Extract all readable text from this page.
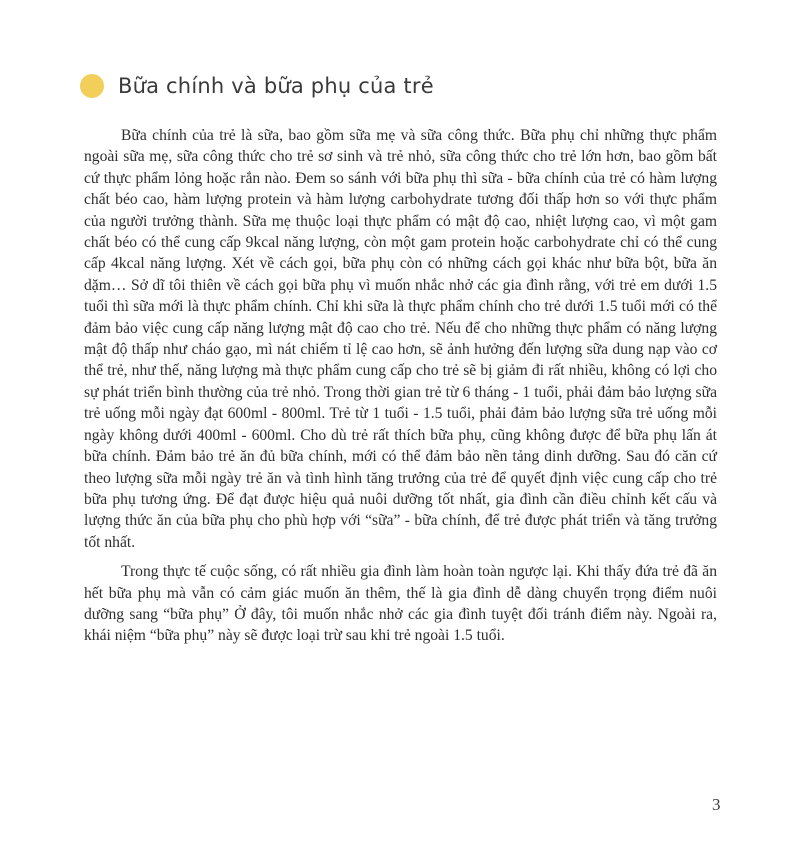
Bữa chính và bữa phụ của trẻ

Bữa chính của trẻ là sữa, bao gồm sữa mẹ và sữa công thức. Bữa phụ chỉ những thực phẩm ngoài sữa mẹ, sữa công thức cho trẻ sơ sinh và trẻ nhỏ, sữa công thức cho trẻ lớn hơn, bao gồm bất cứ thực phẩm lỏng hoặc rắn nào. Đem so sánh với bữa phụ thì sữa - bữa chính của trẻ có hàm lượng chất béo cao, hàm lượng protein và hàm lượng carbohydrate tương đối thấp hơn so với thực phẩm của người trưởng thành. Sữa mẹ thuộc loại thực phẩm có mật độ cao, nhiệt lượng cao, vì một gam chất béo có thể cung cấp 9kcal năng lượng, còn một gam protein hoặc carbohydrate chỉ có thể cung cấp 4kcal năng lượng. Xét về cách gọi, bữa phụ còn có những cách gọi khác như bữa bột, bữa ăn dặm… Sở dĩ tôi thiên về cách gọi bữa phụ vì muốn nhắc nhở các gia đình rằng, với trẻ em dưới 1.5 tuổi thì sữa mới là thực phẩm chính. Chỉ khi sữa là thực phẩm chính cho trẻ dưới 1.5 tuổi mới có thể đảm bảo việc cung cấp năng lượng mật độ cao cho trẻ. Nếu để cho những thực phẩm có năng lượng mật độ thấp như cháo gạo, mì nát chiếm tỉ lệ cao hơn, sẽ ảnh hưởng đến lượng sữa dung nạp vào cơ thể trẻ, như thế, năng lượng mà thực phẩm cung cấp cho trẻ sẽ bị giảm đi rất nhiều, không có lợi cho sự phát triển bình thường của trẻ nhỏ. Trong thời gian trẻ từ 6 tháng - 1 tuổi, phải đảm bảo lượng sữa trẻ uống mỗi ngày đạt 600ml - 800ml. Trẻ từ 1 tuổi - 1.5 tuổi, phải đảm bảo lượng sữa trẻ uống mỗi ngày không dưới 400ml - 600ml. Cho dù trẻ rất thích bữa phụ, cũng không được để bữa phụ lấn át bữa chính. Đảm bảo trẻ ăn đủ bữa chính, mới có thể đảm bảo nền tảng dinh dưỡng. Sau đó căn cứ theo lượng sữa mỗi ngày trẻ ăn và tình hình tăng trưởng của trẻ để quyết định việc cung cấp cho trẻ bữa phụ tương ứng. Để đạt được hiệu quả nuôi dưỡng tốt nhất, gia đình cần điều chỉnh kết cấu và lượng thức ăn của bữa phụ cho phù hợp với “sữa” - bữa chính, để trẻ được phát triển và tăng trưởng tốt nhất.

Trong thực tế cuộc sống, có rất nhiều gia đình làm hoàn toàn ngược lại. Khi thấy đứa trẻ đã ăn hết bữa phụ mà vẫn có cảm giác muốn ăn thêm, thế là gia đình dễ dàng chuyển trọng điểm nuôi dưỡng sang “bữa phụ” Ở đây, tôi muốn nhắc nhở các gia đình tuyệt đối tránh điểm này. Ngoài ra, khái niệm “bữa phụ” này sẽ được loại trừ sau khi trẻ ngoài 1.5 tuổi.

3
